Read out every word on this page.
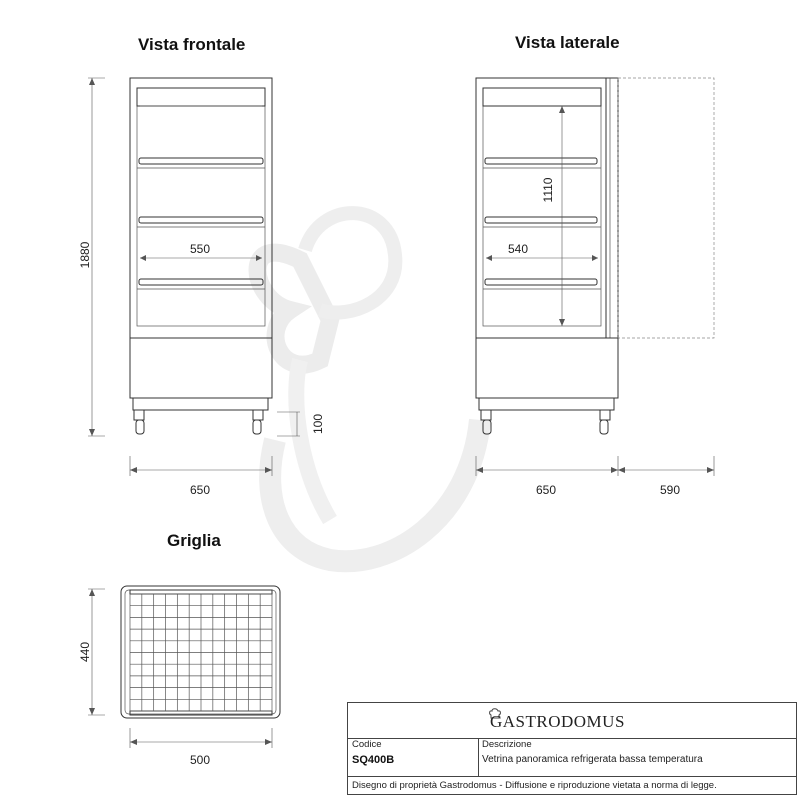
550
1880
100
650
1110
540
650	590
440
500
Vista frontale	Vista laterale
Griglia
GASTRODOMUS
Codice
SQ400B
Descrizione
Vetrina panoramica refrigerata bassa temperatura
Disegno di proprietà Gastrodomus - Diffusione e riproduzione vietata a norma di legge.
